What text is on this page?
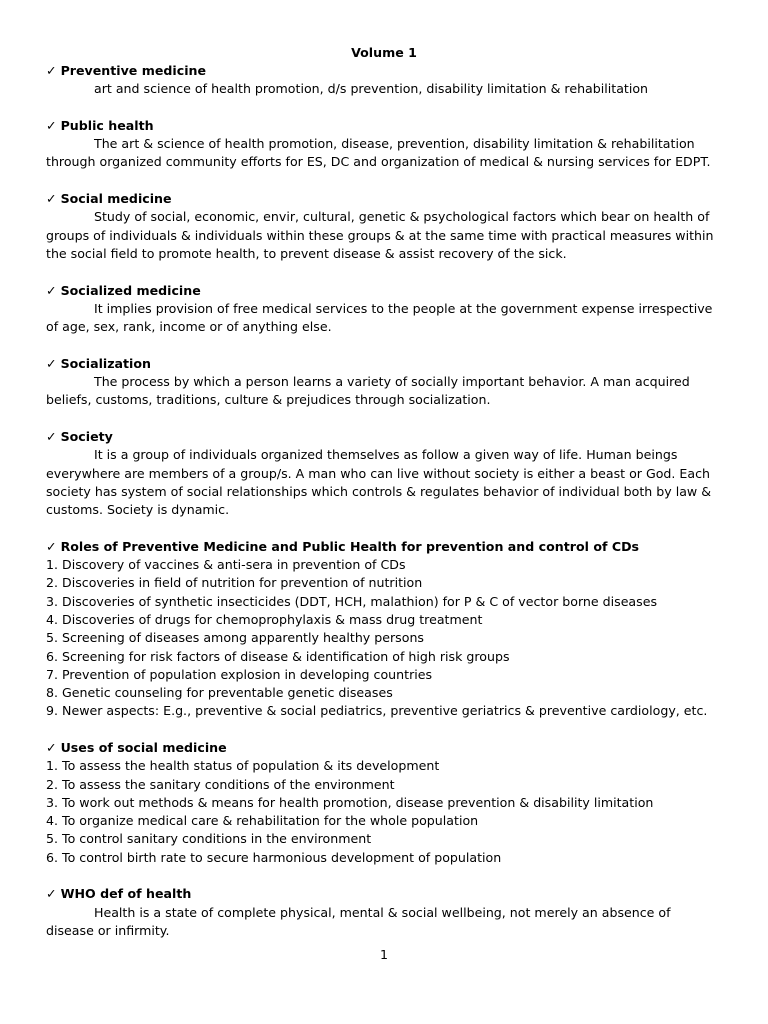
Volume 1
✓ Preventive medicine

art and science of health promotion, d/s prevention, disability limitation & rehabilitation

✓ Public health

The art & science of health promotion, disease, prevention, disability limitation & rehabilitation through organized community efforts for ES, DC and organization of medical & nursing services for EDPT.

✓ Social medicine

Study of social, economic, envir, cultural, genetic & psychological factors which bear on health of groups of individuals & individuals within these groups & at the same time with practical measures within the social field to promote health, to prevent disease & assist recovery of the sick.

✓ Socialized medicine

It implies provision of free medical services to the people at the government expense irrespective of age, sex, rank, income or of anything else.

✓ Socialization

The process by which a person learns a variety of socially important behavior. A man acquired beliefs, customs, traditions, culture & prejudices through socialization.

✓ Society

It is a group of individuals organized themselves as follow a given way of life. Human beings everywhere are members of a group/s. A man who can live without society is either a beast or God. Each society has system of social relationships which controls & regulates behavior of individual both by law & customs. Society is dynamic.

✓ Roles of Preventive Medicine and Public Health for prevention and control of CDs
1. Discovery of vaccines & anti-sera in prevention of CDs
2. Discoveries in field of nutrition for prevention of nutrition
3. Discoveries of synthetic insecticides (DDT, HCH, malathion) for P & C of vector borne diseases
4. Discoveries of drugs for chemoprophylaxis & mass drug treatment
5. Screening of diseases among apparently healthy persons
6. Screening for risk factors of disease & identification of high risk groups
7. Prevention of population explosion in developing countries
8. Genetic counseling for preventable genetic diseases
9. Newer aspects: E.g., preventive & social pediatrics, preventive geriatrics & preventive cardiology, etc.
✓ Uses of social medicine
1. To assess the health status of population & its development
2. To assess the sanitary conditions of the environment
3. To work out methods & means for health promotion, disease prevention & disability limitation
4. To organize medical care & rehabilitation for the whole population
5. To control sanitary conditions in the environment
6. To control birth rate to secure harmonious development of population
✓ WHO def of health

Health is a state of complete physical, mental & social wellbeing, not merely an absence of disease or infirmity.

1
